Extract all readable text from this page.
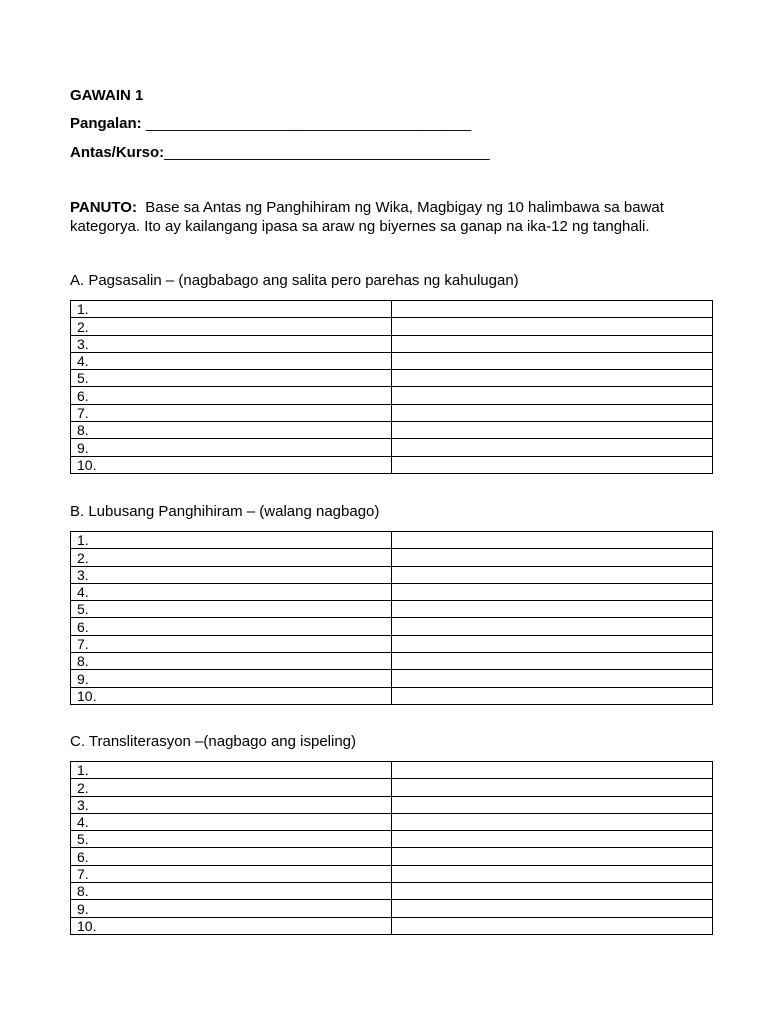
GAWAIN 1
Pangalan: _______________________________________
Antas/Kurso:_______________________________________
PANUTO: Base sa Antas ng Panghihiram ng Wika, Magbigay ng 10 halimbawa sa bawat kategorya. Ito ay kailangang ipasa sa araw ng biyernes sa ganap na ika-12 ng tanghali.
A. Pagsasalin – (nagbabago ang salita pero parehas ng kahulugan)
1.	
2.	
3.	
4.	
5.	
6.	
7.	
8.	
9.	
10.	
B. Lubusang Panghihiram – (walang nagbago)
1.	
2.	
3.	
4.	
5.	
6.	
7.	
8.	
9.	
10.	
C. Transliterasyon –(nagbago ang ispeling)
1.	
2.	
3.	
4.	
5.	
6.	
7.	
8.	
9.	
10.	
